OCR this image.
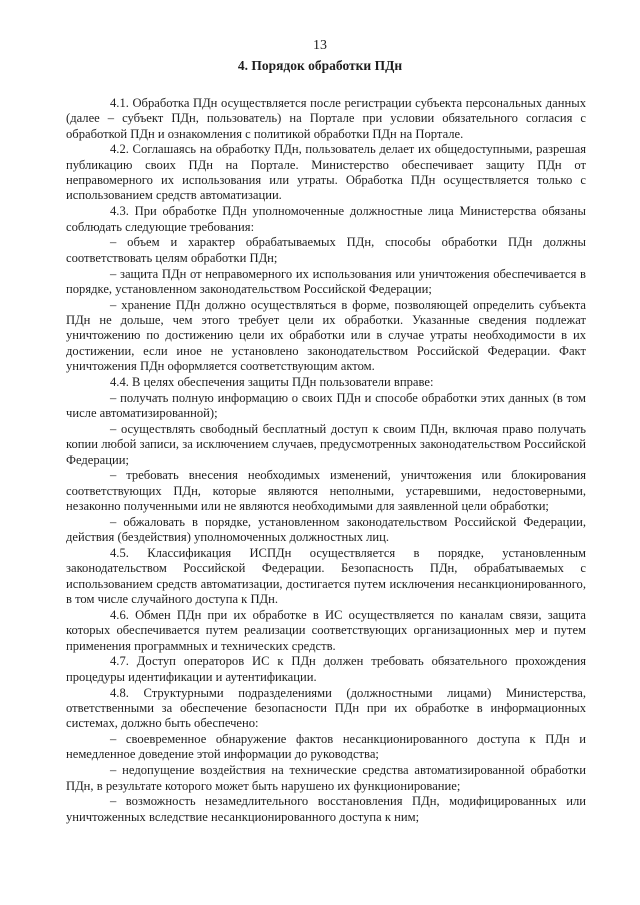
13
4. Порядок обработки ПДн

4.1. Обработка ПДн осуществляется после регистрации субъекта персональных данных (далее – субъект ПДн, пользователь) на Портале при условии обязательного согласия с обработкой ПДн и ознакомления с политикой обработки ПДн на Портале.

4.2. Соглашаясь на обработку ПДн, пользователь делает их общедоступными, разрешая публикацию своих ПДн на Портале. Министерство обеспечивает защиту ПДн от неправомерного их использования или утраты. Обработка ПДн осуществляется только с использованием средств автоматизации.

4.3. При обработке ПДн уполномоченные должностные лица Министерства обязаны соблюдать следующие требования:

– объем и характер обрабатываемых ПДн, способы обработки ПДн должны соответствовать целям обработки ПДн;

– защита ПДн от неправомерного их использования или уничтожения обеспечивается в порядке, установленном законодательством Российской Федерации;

– хранение ПДн должно осуществляться в форме, позволяющей определить субъекта ПДн не дольше, чем этого требует цели их обработки. Указанные сведения подлежат уничтожению по достижению цели их обработки или в случае утраты необходимости в их достижении, если иное не установлено законодательством Российской Федерации. Факт уничтожения ПДн оформляется соответствующим актом.

4.4. В целях обеспечения защиты ПДн пользователи вправе:

– получать полную информацию о своих ПДн и способе обработки этих данных (в том числе автоматизированной);

– осуществлять свободный бесплатный доступ к своим ПДн, включая право получать копии любой записи, за исключением случаев, предусмотренных законодательством Российской Федерации;

– требовать внесения необходимых изменений, уничтожения или блокирования соответствующих ПДн, которые являются неполными, устаревшими, недостоверными, незаконно полученными или не являются необходимыми для заявленной цели обработки;

– обжаловать в порядке, установленном законодательством Российской Федерации, действия (бездействия) уполномоченных должностных лиц.

4.5. Классификация ИСПДн осуществляется в порядке, установленным законодательством Российской Федерации. Безопасность ПДн, обрабатываемых с использованием средств автоматизации, достигается путем исключения несанкционированного, в том числе случайного доступа к ПДн.

4.6. Обмен ПДн при их обработке в ИС осуществляется по каналам связи, защита которых обеспечивается путем реализации соответствующих организационных мер и путем применения программных и технических средств.

4.7. Доступ операторов ИС к ПДн должен требовать обязательного прохождения процедуры идентификации и аутентификации.

4.8. Структурными подразделениями (должностными лицами) Министерства, ответственными за обеспечение безопасности ПДн при их обработке в информационных системах, должно быть обеспечено:

– своевременное обнаружение фактов несанкционированного доступа к ПДн и немедленное доведение этой информации до руководства;

– недопущение воздействия на технические средства автоматизированной обработки ПДн, в результате которого может быть нарушено их функционирование;

– возможность незамедлительного восстановления ПДн, модифицированных или уничтоженных вследствие несанкционированного доступа к ним;
